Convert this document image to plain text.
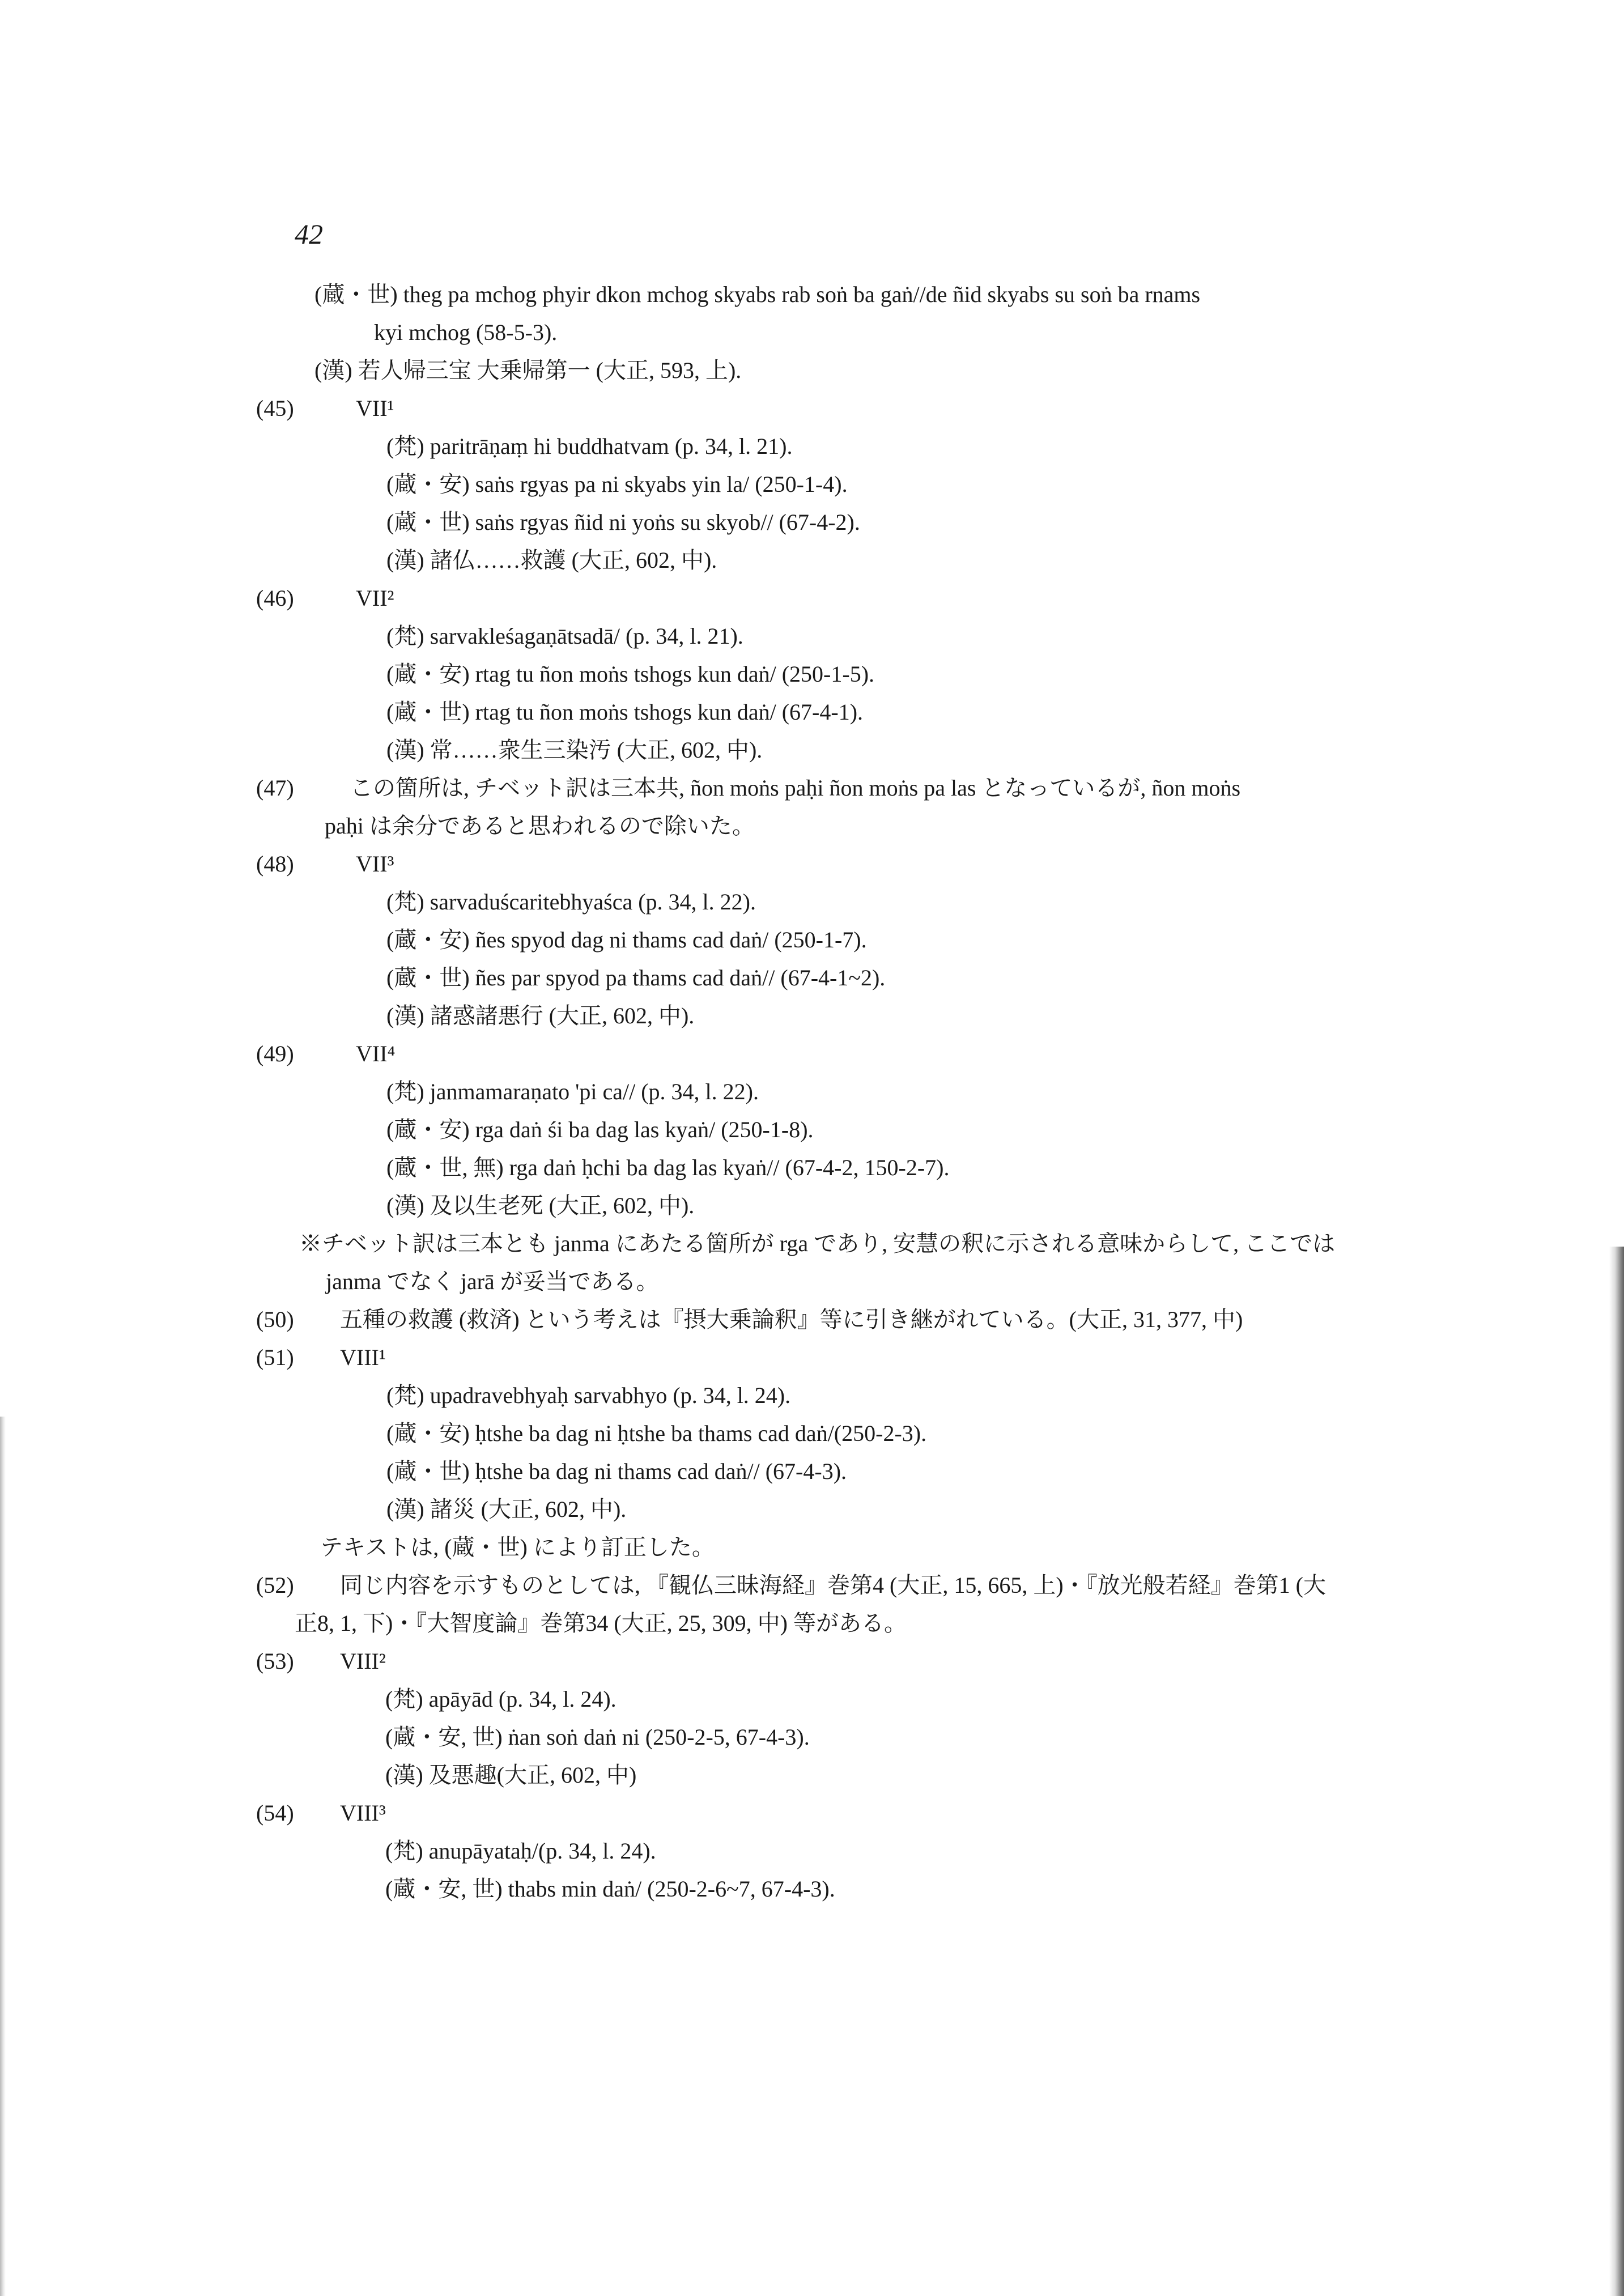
42
(蔵・世) theg pa mchog phyir dkon mchog skyabs rab soṅ ba gaṅ//de ñid skyabs su soṅ ba rnams
kyi mchog (58-5-3).
(漢) 若人帰三宝 大乗帰第一 (大正, 593, 上).
(45)	VII¹
(梵) paritrāṇaṃ hi buddhatvam (p. 34, l. 21).
(蔵・安) saṅs rgyas pa ni skyabs yin la/ (250-1-4).
(蔵・世) saṅs rgyas ñid ni yoṅs su skyob// (67-4-2).
(漢) 諸仏……救護 (大正, 602, 中).
(46)	VII²
(梵) sarvakleśagaṇātsadā/ (p. 34, l. 21).
(蔵・安) rtag tu ñon moṅs tshogs kun daṅ/ (250-1-5).
(蔵・世) rtag tu ñon moṅs tshogs kun daṅ/ (67-4-1).
(漢) 常……衆生三染汚 (大正, 602, 中).
(47) この箇所は, チベット訳は三本共, ñon moṅs paḥi ñon moṅs pa las となっているが, ñon moṅs
paḥi は余分であると思われるので除いた。
(48)	VII³
(梵) sarvaduścaritebhyaśca (p. 34, l. 22).
(蔵・安) ñes spyod dag ni thams cad daṅ/ (250-1-7).
(蔵・世) ñes par spyod pa thams cad daṅ// (67-4-1~2).
(漢) 諸惑諸悪行 (大正, 602, 中).
(49)	VII⁴
(梵) janmamaraṇato 'pi ca// (p. 34, l. 22).
(蔵・安) rga daṅ śi ba dag las kyaṅ/ (250-1-8).
(蔵・世, 無) rga daṅ ḥchi ba dag las kyaṅ// (67-4-2, 150-2-7).
(漢) 及以生老死 (大正, 602, 中).
※チベット訳は三本とも janma にあたる箇所が rga であり, 安慧の釈に示される意味からして, ここでは
janma でなく jarā が妥当である。
(50) 五種の救護 (救済) という考えは『摂大乗論釈』等に引き継がれている。(大正, 31, 377, 中)
(51) VIII¹
(梵) upadravebhyaḥ sarvabhyo (p. 34, l. 24).
(蔵・安) ḥtshe ba dag ni ḥtshe ba thams cad daṅ/(250-2-3).
(蔵・世) ḥtshe ba dag ni thams cad daṅ// (67-4-3).
(漢) 諸災 (大正, 602, 中).
テキストは, (蔵・世) により訂正した。
(52) 同じ内容を示すものとしては, 『観仏三昧海経』巻第4 (大正, 15, 665, 上)・『放光般若経』巻第1 (大
正8, 1, 下)・『大智度論』巻第34 (大正, 25, 309, 中) 等がある。
(53) VIII²
(梵) apāyād (p. 34, l. 24).
(蔵・安, 世) ṅan soṅ daṅ ni (250-2-5, 67-4-3).
(漢) 及悪趣(大正, 602, 中)
(54) VIII³
(梵) anupāyataḥ/(p. 34, l. 24).
(蔵・安, 世) thabs min daṅ/ (250-2-6~7, 67-4-3).
